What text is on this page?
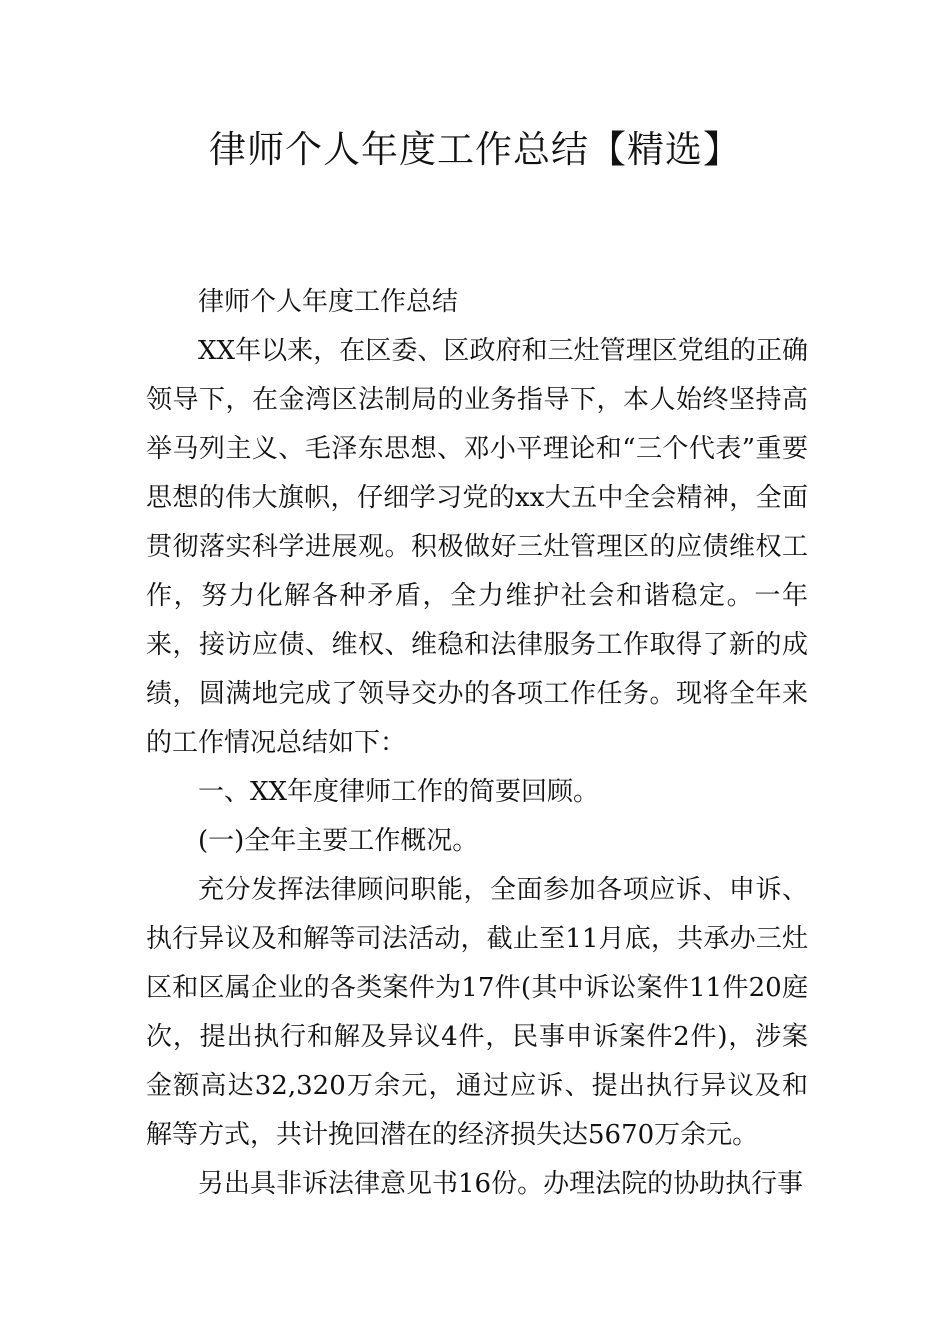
律师个人年度工作总结【精选】

律师个人年度工作总结

XX年以来，在区委、区政府和三灶管理区党组的正确领导下，在金湾区法制局的业务指导下，本人始终坚持高举马列主义、毛泽东思想、邓小平理论和“三个代表”重要思想的伟大旗帜，仔细学习党的xx大五中全会精神，全面贯彻落实科学进展观。积极做好三灶管理区的应债维权工作，努力化解各种矛盾，全力维护社会和谐稳定。一年来，接访应债、维权、维稳和法律服务工作取得了新的成绩，圆满地完成了领导交办的各项工作任务。现将全年来的工作情况总结如下：

一、XX年度律师工作的简要回顾。

(一)全年主要工作概况。

充分发挥法律顾问职能，全面参加各项应诉、申诉、执行异议及和解等司法活动，截止至11月底，共承办三灶区和区属企业的各类案件为17件(其中诉讼案件11件20庭次，提出执行和解及异议4件，民事申诉案件2件)，涉案金额高达32,320万余元，通过应诉、提出执行异议及和解等方式，共计挽回潜在的经济损失达5670万余元。

另出具非诉法律意见书16份。办理法院的协助执行事
